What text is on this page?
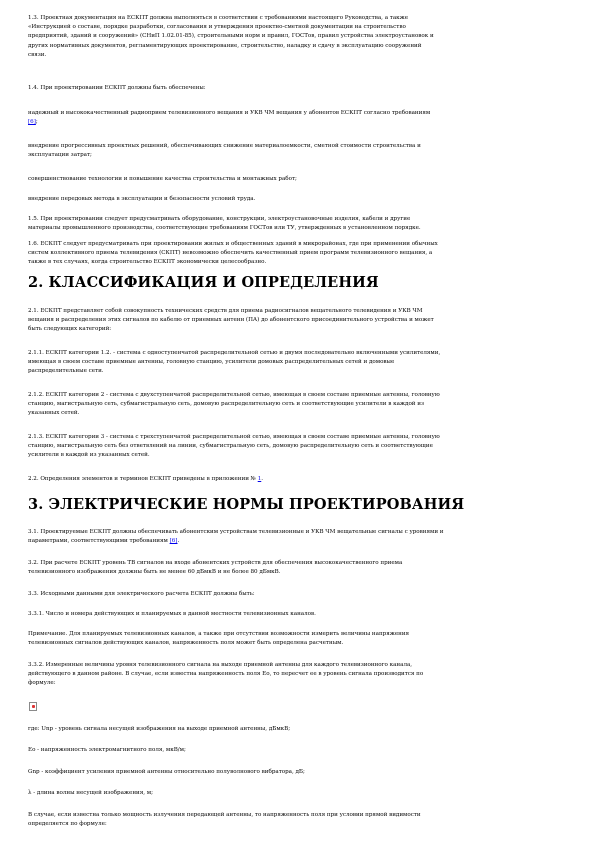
1.3. Проектная документация на ЕСКПТ должна выполняться в соответствии с требованиями настоящего Руководства, а также

«Инструкцией о составе, порядке разработки, согласования и утверждения проектно-сметной документации на строительство

предприятий, зданий и сооружений» (СНиП 1.02.01-85), строительными норм и правил, ГОСТов, правил устройства электроустановок и

других нормативных документов, регламентирующих проектирование, строительство, наладку и сдачу в эксплуатацию сооружений

связи.

1.4. При проектировании ЕСКПТ должны быть обеспечены:

надежный и высококачественный радиоприем телевизионного вещания и УКВ ЧМ вещания у абонентов ЕСКПТ согласно требованиям

[6];

внедрение прогрессивных проектных решений, обеспечивающих снижение материалоемкости, сметной стоимости строительства и

эксплуатации затрат;

совершенствование технологии и повышение качества строительства и монтажных работ;

внедрение передовых метода в эксплуатации и безопасности условий труда.

1.5. При проектировании следует предусматривать оборудование, конструкции, электроустановочные изделия, кабели и другие

материалы промышленного производства, соответствующие требованиям ГОСТов или ТУ, утвержденных в установленном порядке.

1.6. ЕСКПТ следует предусматривать при проектировании жилых и общественных зданий в микрорайонах, где при применении обычных

систем коллективного приема телевидения (СКПТ) невозможно обеспечить качественный прием программ телевизионного вещания, а

также в тех случаях, когда строительство ЕСКПТ экономически целесообразно.

2. КЛАССИФИКАЦИЯ И ОПРЕДЕЛЕНИЯ

2.1. ЕСКПТ представляет собой совокупность технических средств для приема радиосигналов вещательного телевидения и УКВ ЧМ

вещания и распределения этих сигналов по кабелю от приемных антенн (ПА) до абонентского присоединительного устройства и может

быть следующих категорий:

2.1.1. ЕСКПТ категории 1.2. - система с одноступенчатой распределительной сетью и двумя последовательно включенными усилителями,

имеющая в своем составе приемные антенны, головную станцию, усилители домовых распределительных сетей и домовые

распределительные сети.

2.1.2. ЕСКПТ категории 2 - система с двухступенчатой распределительной сетью, имеющая в своем составе приемные антенны, головную

станцию, магистральную сеть, субмагистральную сеть, домовую распределительную сеть и соответствующие усилители в каждой из

указанных сетей.

2.1.3. ЕСКПТ категории 3 - система с трехступенчатой распределительной сетью, имеющая в своем составе приемные антенны, головную

станцию, магистральную сеть без ответвлений на линии, субмагистральную сеть, домовую распределительную сеть и соответствующие

усилители в каждой из указанных сетей.

2.2. Определения элементов и терминов ЕСКПТ приведены в приложении № 1.

3. ЭЛЕКТРИЧЕСКИЕ НОРМЫ ПРОЕКТИРОВАНИЯ

3.1. Проектируемые ЕСКПТ должны обеспечивать абонентским устройствам телевизионные и УКВ ЧМ вещательные сигналы с уровнями и

параметрами, соответствующими требованиям [6].

3.2. При расчете ЕСКПТ уровень ТВ сигналов на входе абонентских устройств для обеспечения высококачественного приема

телевизионного изображения должны быть не менее 60 дБмкВ и не более 80 дБмкВ.

3.3. Исходными данными для электрического расчета ЕСКПТ должны быть:

3.3.1. Число и номера действующих и планируемых в данной местности телевизионных каналов.

Примечание. Для планируемых телевизионных каналов, а также при отсутствии возможности измерить величины напряжения

телевизионных сигналов действующих каналов, напряженность поля может быть определена расчетным.

3.3.2. Измеренные величины уровня телевизионного сигнала на выходе приемной антенны для каждого телевизионного канала,

действующего в данном районе. В случае, если известна напряженность поля Ео, то пересчет ее в уровень сигнала производится по

формуле:

где: Unp - уровень сигнала несущей изображения на выходе приемной антенны, дБмкВ;

Ео - напряженность электромагнитного поля, мкВ/м;

Gnp - коэффициент усиления приемной антенны относительно полуволнового вибратора, дБ;

λ - длина волны несущей изображения, м;

В случае, если известна только мощность излучения передающей антенны, то напряженность поля при условии прямой видимости

определяется по формуле:
